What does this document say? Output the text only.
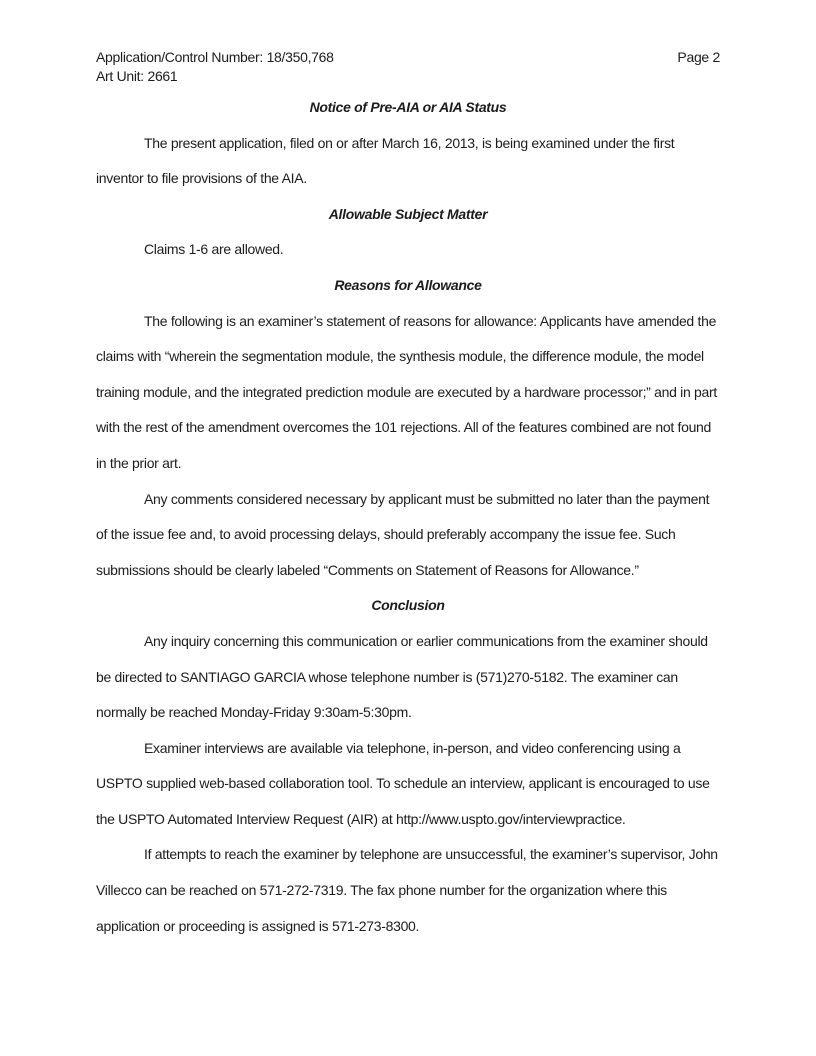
Application/Control Number: 18/350,768	Page 2
Art Unit: 2661
Notice of Pre-AIA or AIA Status

The present application, filed on or after March 16, 2013, is being examined under the first inventor to file provisions of the AIA.

Allowable Subject Matter

Claims 1-6 are allowed.

Reasons for Allowance

The following is an examiner’s statement of reasons for allowance: Applicants have amended the claims with “wherein the segmentation module, the synthesis module, the difference module, the model training module, and the integrated prediction module are executed by a hardware processor;” and in part with the rest of the amendment overcomes the 101 rejections. All of the features combined are not found in the prior art.

Any comments considered necessary by applicant must be submitted no later than the payment of the issue fee and, to avoid processing delays, should preferably accompany the issue fee. Such submissions should be clearly labeled “Comments on Statement of Reasons for Allowance.”

Conclusion

Any inquiry concerning this communication or earlier communications from the examiner should be directed to SANTIAGO GARCIA whose telephone number is (571)270-5182. The examiner can normally be reached Monday-Friday 9:30am-5:30pm.

Examiner interviews are available via telephone, in-person, and video conferencing using a USPTO supplied web-based collaboration tool. To schedule an interview, applicant is encouraged to use the USPTO Automated Interview Request (AIR) at http://www.uspto.gov/interviewpractice.

If attempts to reach the examiner by telephone are unsuccessful, the examiner’s supervisor, John Villecco can be reached on 571-272-7319. The fax phone number for the organization where this application or proceeding is assigned is 571-273-8300.
